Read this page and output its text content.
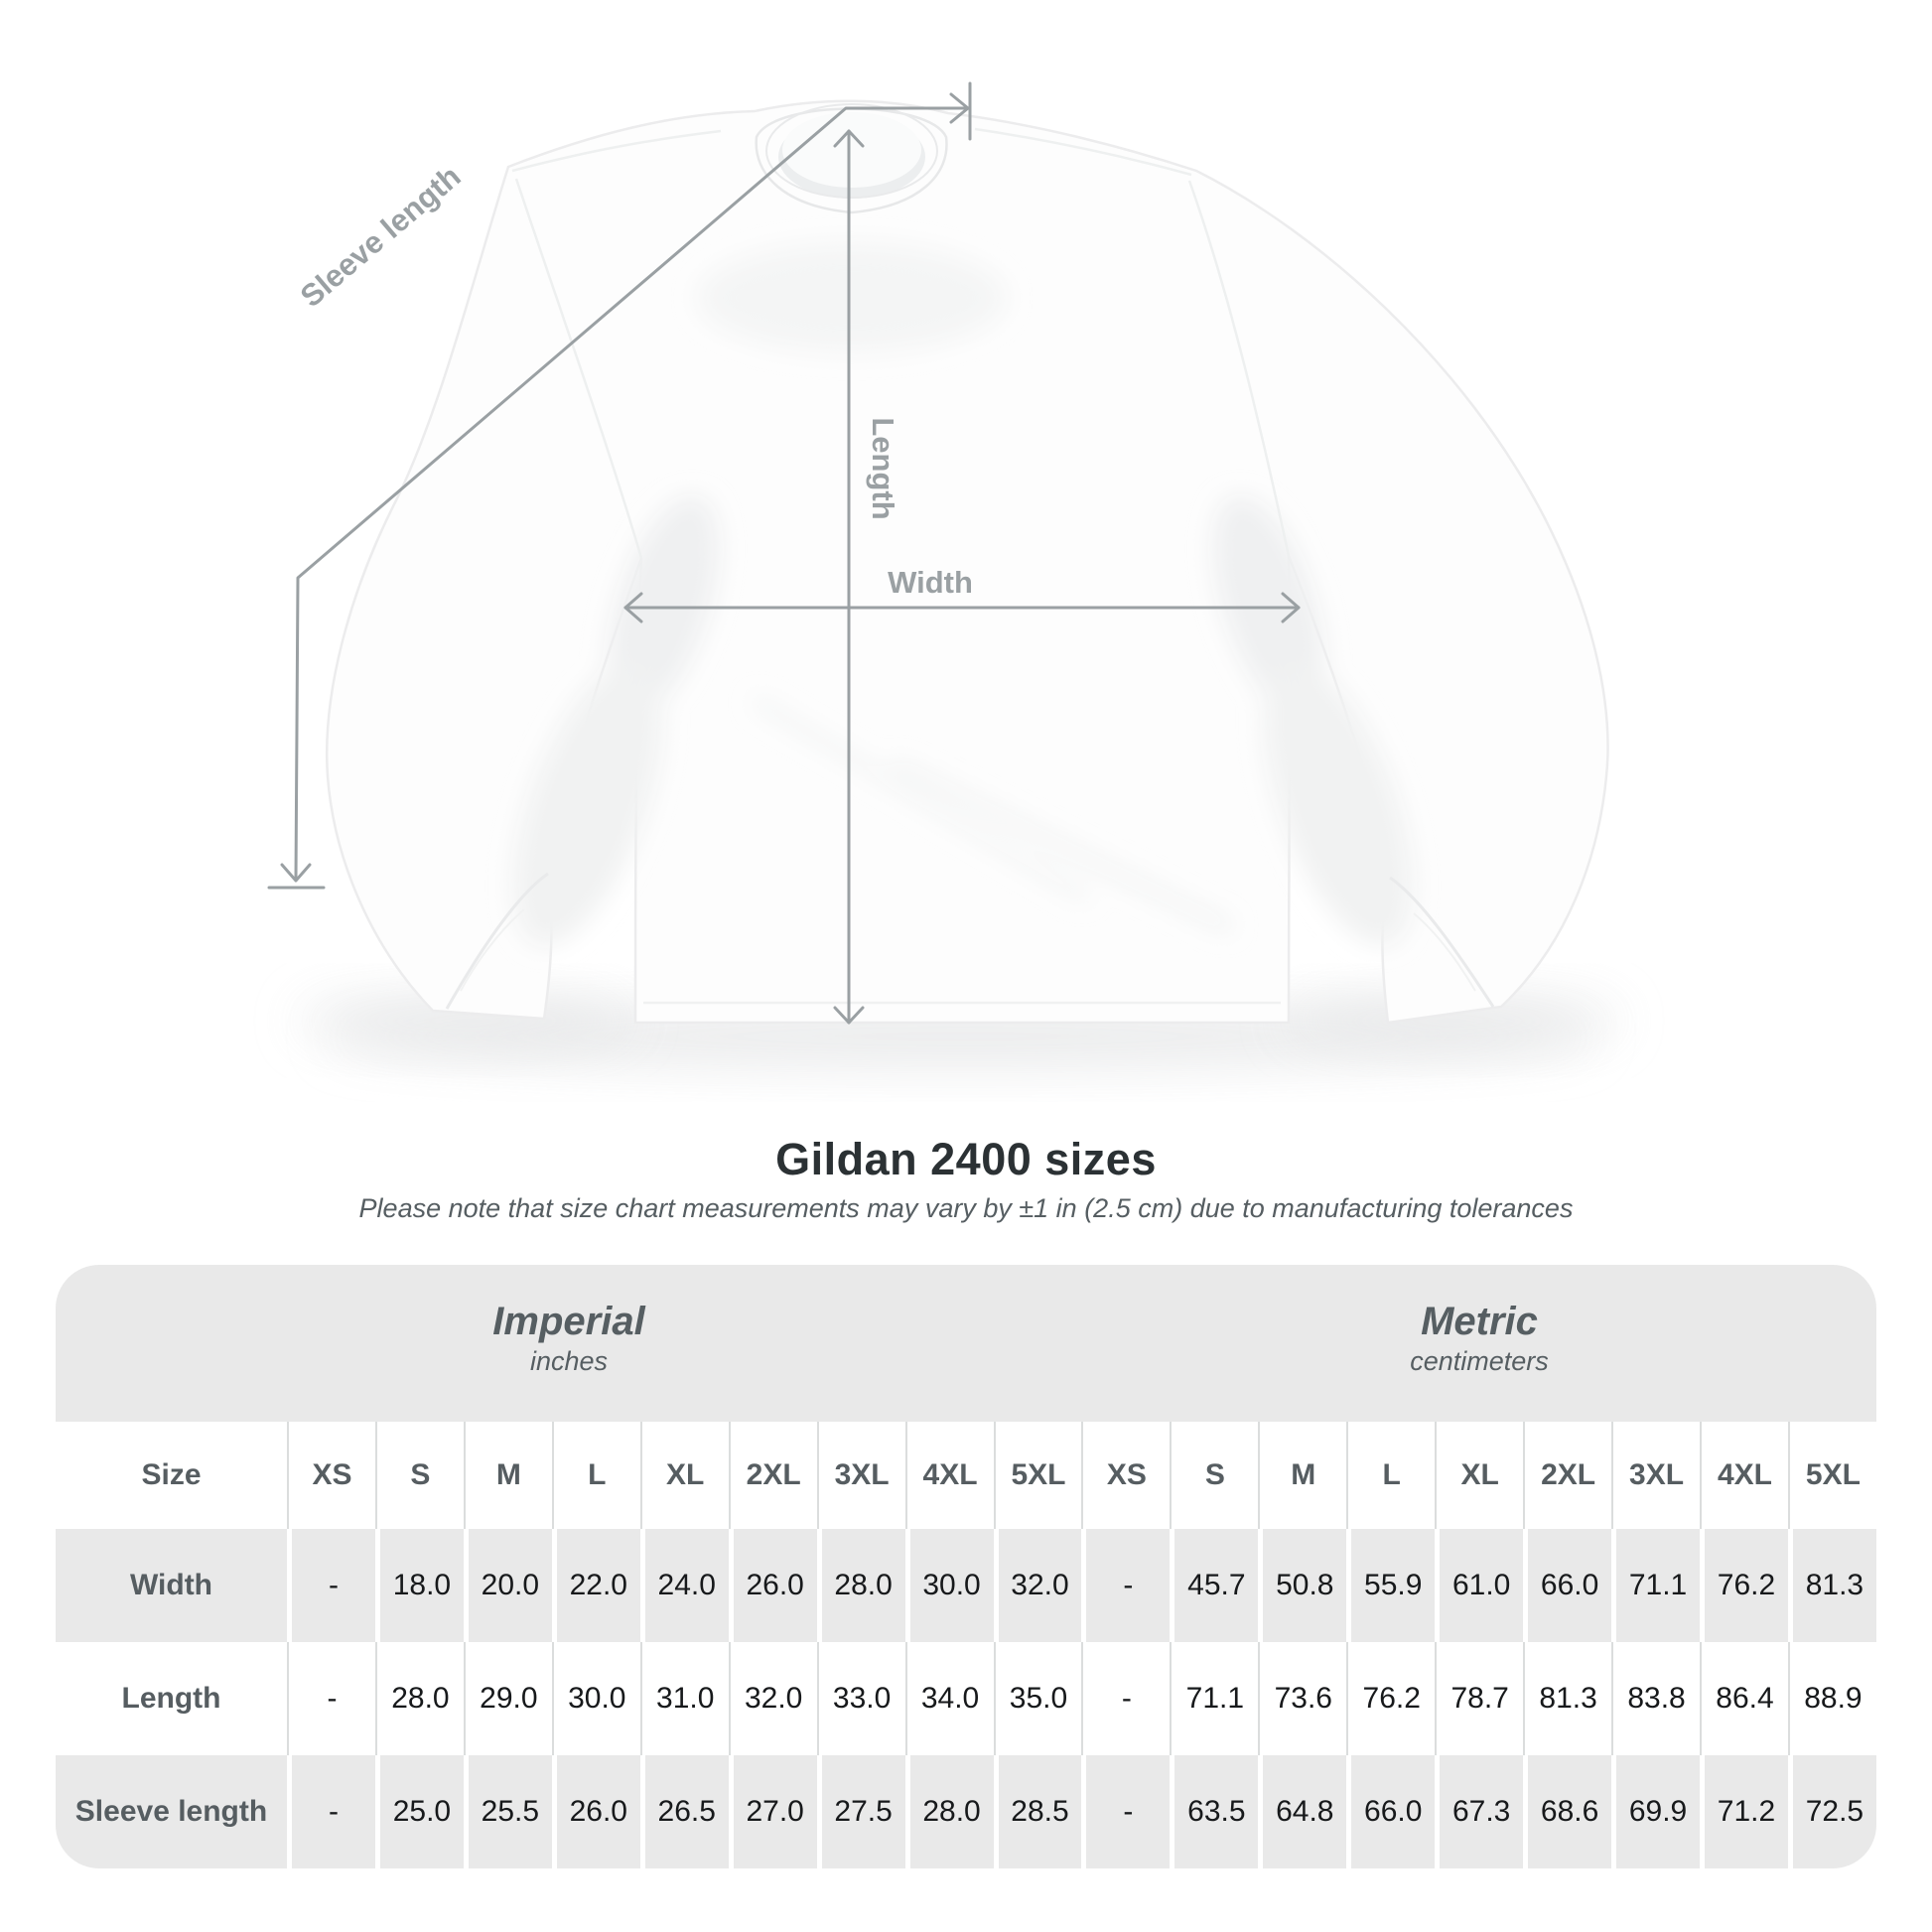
Sleeve length
Length
Width
Gildan 2400 sizes

Please note that size chart measurements may vary by ±1 in (2.5 cm) due to manufacturing tolerances

Imperial
inches
Metric
centimeters
Size	XS	S	M	L	XL	2XL	3XL	4XL	5XL	XS	S	M	L	XL	2XL	3XL	4XL	5XL
Width	-	18.0	20.0	22.0	24.0	26.0	28.0	30.0	32.0	-	45.7	50.8	55.9	61.0	66.0	71.1	76.2	81.3
Length	-	28.0	29.0	30.0	31.0	32.0	33.0	34.0	35.0	-	71.1	73.6	76.2	78.7	81.3	83.8	86.4	88.9
Sleeve length	-	25.0	25.5	26.0	26.5	27.0	27.5	28.0	28.5	-	63.5	64.8	66.0	67.3	68.6	69.9	71.2	72.5
